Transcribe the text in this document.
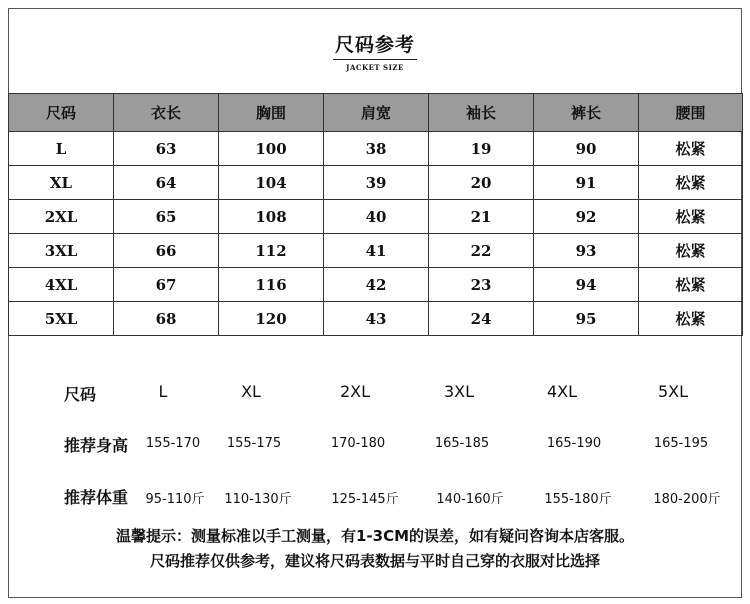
尺码参考
JACKET SIZE
尺码	衣长	胸围	肩宽	袖长	裤长	腰围
L	63	100	38	19	90	松紧
XL	64	104	39	20	91	松紧
2XL	65	108	40	21	92	松紧
3XL	66	112	41	22	93	松紧
4XL	67	116	42	23	94	松紧
5XL	68	120	43	24	95	松紧
尺码	L	XL	2XL	3XL	4XL	5XL
推荐身高 155-170 155-175	170-180	165-185	165-190	165-195
推荐体重 95-110斤 110-130斤	125-145斤	140-160斤	155-180斤	180-200斤
温馨提示：测量标准以手工测量，有1-3CM的误差，如有疑问咨询本店客服。
尺码推荐仅供参考，建议将尺码表数据与平时自己穿的衣服对比选择
